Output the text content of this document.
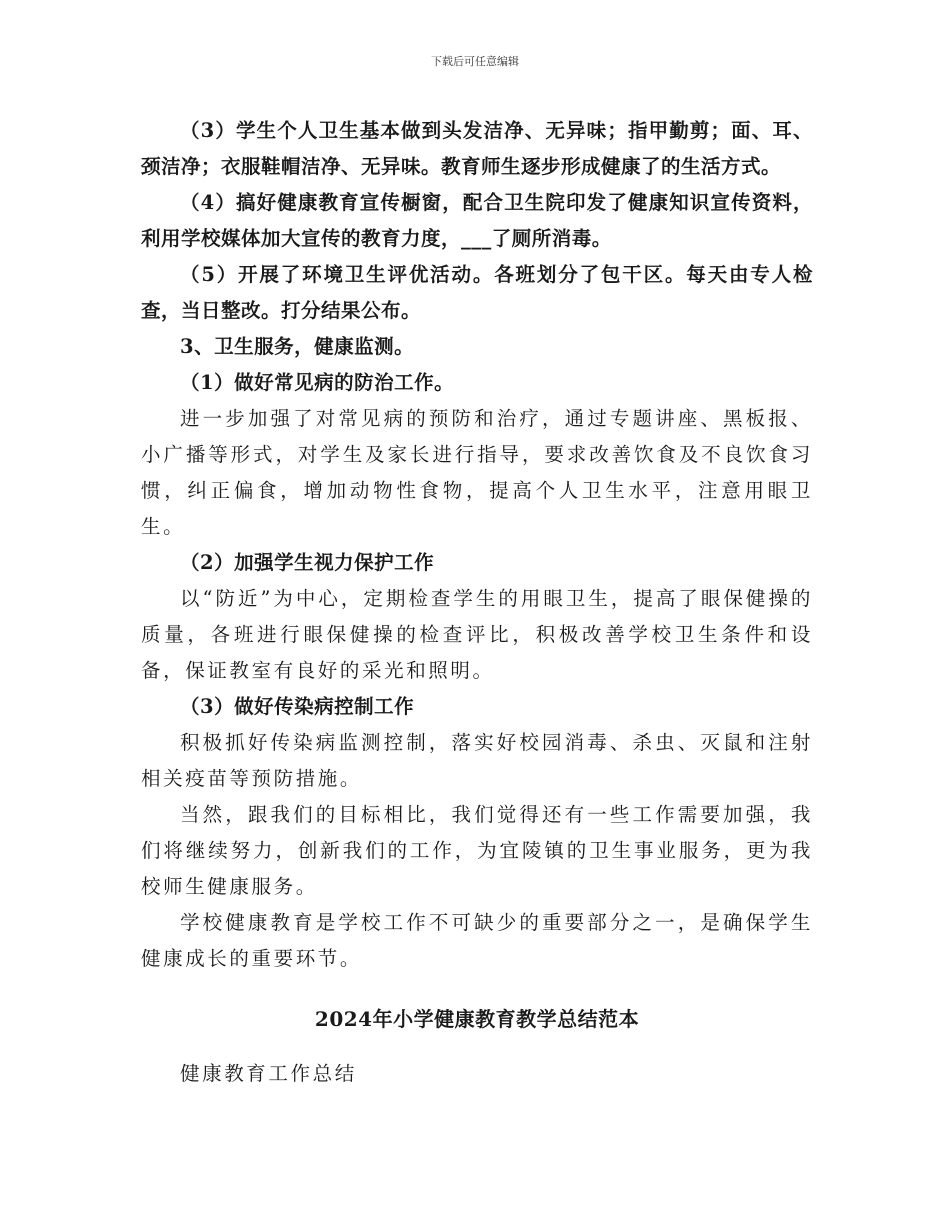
下载后可任意编辑

（3）学生个人卫生基本做到头发洁净、无异味；指甲勤剪；面、耳、颈洁净；衣服鞋帽洁净、无异味。教育师生逐步形成健康了的生活方式。

（4）搞好健康教育宣传橱窗，配合卫生院印发了健康知识宣传资料，利用学校媒体加大宣传的教育力度，___了厕所消毒。

（5）开展了环境卫生评优活动。各班划分了包干区。每天由专人检查，当日整改。打分结果公布。

3、卫生服务，健康监测。

（1）做好常见病的防治工作。

进一步加强了对常见病的预防和治疗，通过专题讲座、黑板报、小广播等形式，对学生及家长进行指导，要求改善饮食及不良饮食习惯，纠正偏食，增加动物性食物，提高个人卫生水平，注意用眼卫生。

（2）加强学生视力保护工作

以“防近”为中心，定期检查学生的用眼卫生，提高了眼保健操的质量，各班进行眼保健操的检查评比，积极改善学校卫生条件和设备，保证教室有良好的采光和照明。

（3）做好传染病控制工作

积极抓好传染病监测控制，落实好校园消毒、杀虫、灭鼠和注射相关疫苗等预防措施。

当然，跟我们的目标相比，我们觉得还有一些工作需要加强，我们将继续努力，创新我们的工作，为宜陵镇的卫生事业服务，更为我校师生健康服务。

学校健康教育是学校工作不可缺少的重要部分之一，是确保学生健康成长的重要环节。

2024年小学健康教育教学总结范本

健康教育工作总结
